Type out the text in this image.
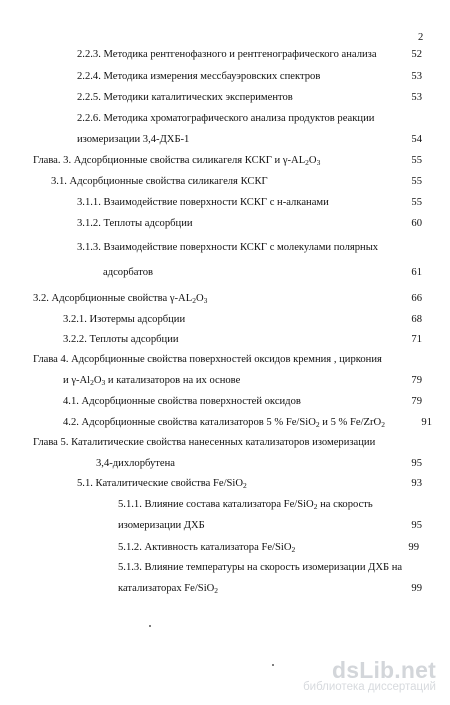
2
2.2.3. Методика рентгенофазного и рентгенографического анализа	52
2.2.4. Методика измерения мессбауэровских спектров	53
2.2.5. Методики каталитических экспериментов	53
2.2.6. Методика хроматографического анализа продуктов реакции
изомеризации 3,4-ДХБ-1	54
Глава. 3. Адсорбционные свойства силикагеля КСКГ и $\gamma-AL_2O_3$	55
3.1. Адсорбционные свойства силикагеля КСКГ	55
3.1.1. Взаимодействие поверхности КСКГ с н-алканами	55
3.1.2. Теплоты адсорбции	60
3.1.3. Взаимодействие поверхности КСКГ с молекулами полярных
адсорбатов	61
3.2. Адсорбционные свойства $\gamma-AL_2O_3$	66
3.2.1. Изотермы адсорбции	68
3.2.2. Теплоты адсорбции	71
Глава 4. Адсорбционные свойства поверхностей оксидов кремния , циркония
и $\gamma-Al_2O_3$ и катализаторов на их основе	79
4.1. Адсорбционные свойства поверхностей оксидов	79
4.2. Адсорбционные свойства катализаторов 5 % Fe/SiO$_2$ и 5 % Fe/ZrO$_2$	91
Глава 5. Каталитические свойства нанесенных катализаторов изомеризации
3,4-дихлорбутена	95
5.1. Каталитические свойства Fe/SiO$_2$	93
5.1.1. Влияние состава катализатора Fe/SiO$_2$ на скорость
изомеризации ДХБ	95
5.1.2. Активность катализатора Fe/SiO$_2$	99
5.1.3. Влияние температуры на скорость изомеризации ДХБ на
катализаторах Fe/SiO$_2$	99
dsLib.net
библиотека диссертаций
